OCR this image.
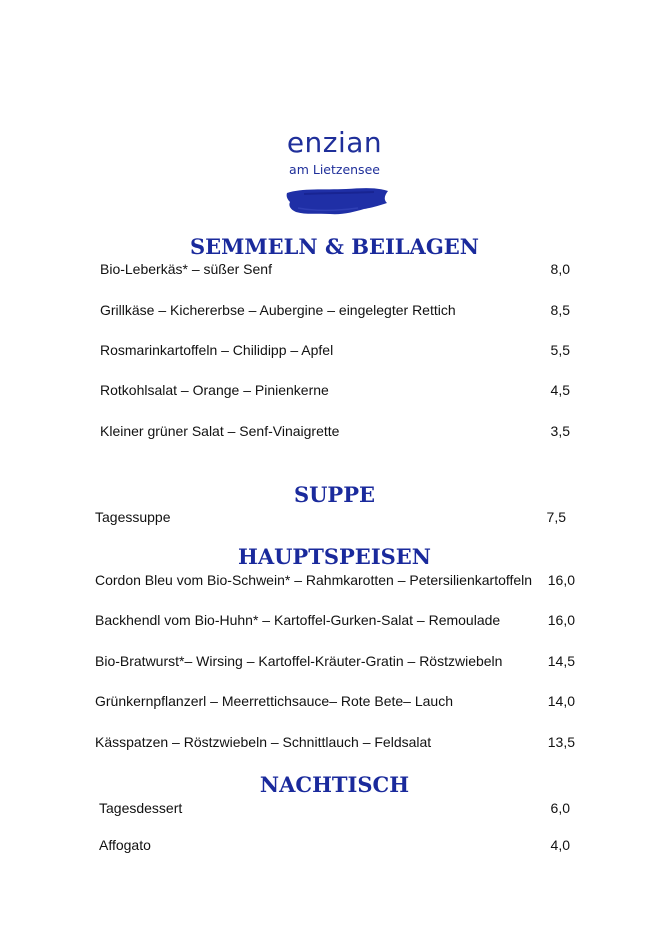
enzian
am Lietzensee
SEMMELN & BEILAGEN
Bio-Leberkäs* – süßer Senf	8,0
Grillkäse – Kichererbse – Aubergine – eingelegter Rettich	8,5
Rosmarinkartoffeln – Chilidipp – Apfel	5,5
Rotkohlsalat – Orange – Pinienkerne	4,5
Kleiner grüner Salat – Senf-Vinaigrette	3,5
SUPPE
Tagessuppe	7,5
HAUPTSPEISEN
Cordon Bleu vom Bio-Schwein* – Rahmkarotten – Petersilienkartoffeln 16,0
Backhendl vom Bio-Huhn* – Kartoffel-Gurken-Salat – Remoulade	16,0
Bio-Bratwurst*– Wirsing – Kartoffel-Kräuter-Gratin – Röstzwiebeln	14,5
Grünkernpflanzerl – Meerrettichsauce– Rote Bete– Lauch	14,0
Kässpatzen – Röstzwiebeln – Schnittlauch – Feldsalat	13,5
NACHTISCH
Tagesdessert	6,0
Affogato	4,0
